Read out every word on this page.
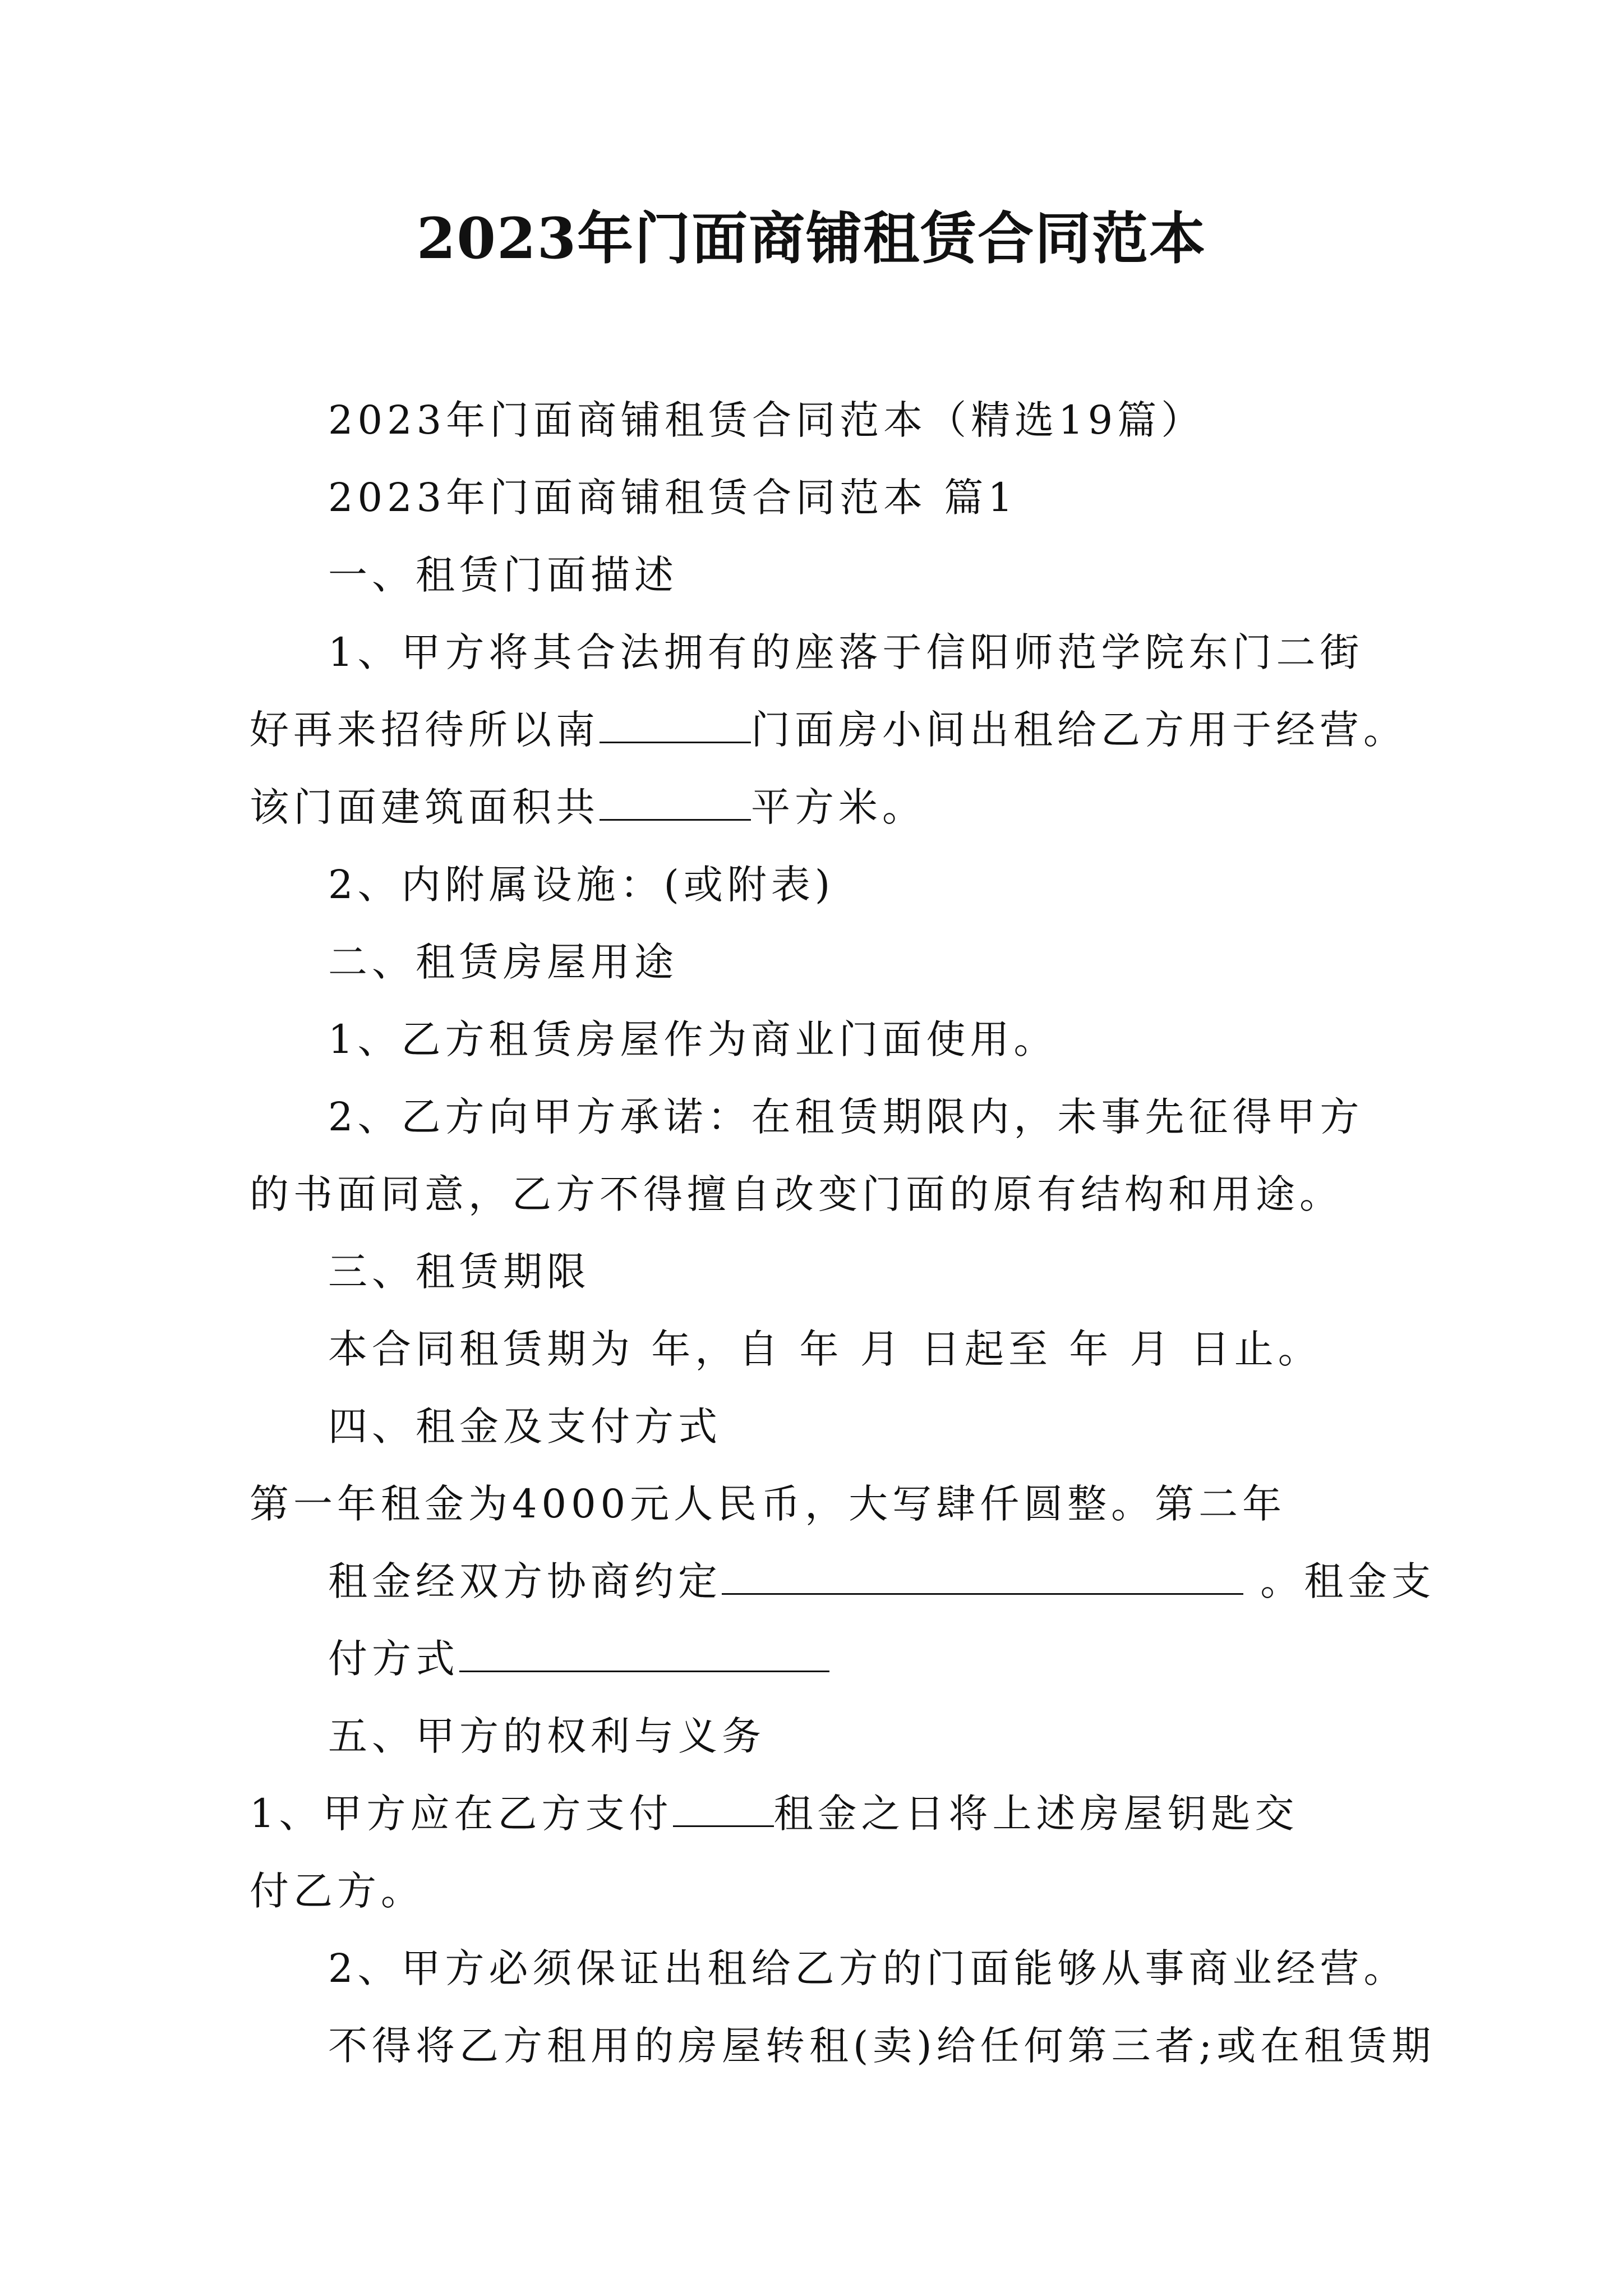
2023年门面商铺租赁合同范本
2023年门面商铺租赁合同范本（精选19篇）
2023年门面商铺租赁合同范本 篇1
一、租赁门面描述
1、甲方将其合法拥有的座落于信阳师范学院东门二街
好再来招待所以南	门面房小间出租给乙方用于经营。
该门面建筑面积共	平方米。
2、内附属设施：(或附表)
二、租赁房屋用途
1、乙方租赁房屋作为商业门面使用。
2、乙方向甲方承诺：在租赁期限内，未事先征得甲方
的书面同意，乙方不得擅自改变门面的原有结构和用途。
三、租赁期限
本合同租赁期为 年，自 年 月 日起至 年 月 日止。
四、租金及支付方式
第一年租金为4000元人民币，大写肆仟圆整。第二年
租金经双方协商约定	。租金支
付方式
五、甲方的权利与义务
1、甲方应在乙方支付	租金之日将上述房屋钥匙交
付乙方。
2、甲方必须保证出租给乙方的门面能够从事商业经营。
不得将乙方租用的房屋转租(卖)给任何第三者;或在租赁期
